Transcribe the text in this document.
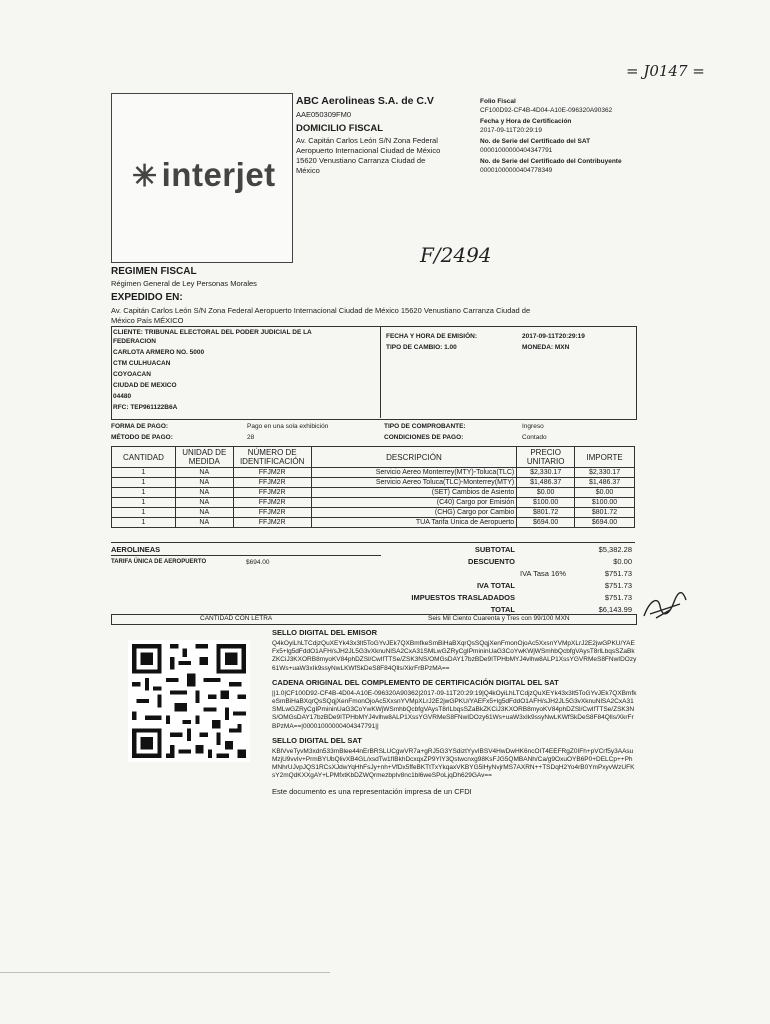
= J0147 =
F/2494
✳ interjet
ABC Aerolineas S.A. de C.V
AAE050309FM0
DOMICILIO FISCAL
Av. Capitán Carlos León S/N Zona Federal
Aeropuerto Internacional Ciudad de México
15620 Venustiano Carranza Ciudad de
México
Folio Fiscal
CF100D92-CF4B-4D04-A10E-096320A90362
Fecha y Hora de Certificación
2017-09-11T20:29:19
No. de Serie del Certificado del SAT
00001000000404347791
No. de Serie del Certificado del Contribuyente
00001000000404778349
REGIMEN FISCAL
Régimen General de Ley Personas Morales
EXPEDIDO EN:
Av. Capitán Carlos León S/N Zona Federal Aeropuerto Internacional Ciudad de México 15620 Venustiano Carranza Ciudad de
México País MÉXICO
CLIENTE: TRIBUNAL ELECTORAL DEL PODER JUDICIAL DE LA
FEDERACION
CARLOTA ARMERO NO. 5000
CTM CULHUACAN
COYOACAN
CIUDAD DE MEXICO
04480
RFC: TEP961122B6A
FECHA Y HORA DE EMISIÓN:	2017-09-11T20:29:19
TIPO DE CAMBIO: 1.00	MONEDA: MXN
FORMA DE PAGO:	Pago en una sola exhibición
MÉTODO DE PAGO:	28
TIPO DE COMPROBANTE:	Ingreso
CONDICIONES DE PAGO:	Contado
CANTIDAD	UNIDAD DE MEDIDA	NÚMERO DE IDENTIFICACIÓN	DESCRIPCIÓN	PRECIO UNITARIO	IMPORTE
1	NA	FFJM2R	Servicio Aereo Monterrey(MTY)-Toluca(TLC)	$2,330.17	$2,330.17
1	NA	FFJM2R	Servicio Aereo Toluca(TLC)-Monterrey(MTY)	$1,486.37	$1,486.37
1	NA	FFJM2R	(SET) Cambios de Asiento	$0.00	$0.00
1	NA	FFJM2R	(C40) Cargo por Emisión	$100.00	$100.00
1	NA	FFJM2R	(CHG) Cargo por Cambio	$801.72	$801.72
1	NA	FFJM2R	TUA Tarifa Única de Aeropuerto	$694.00	$694.00
AEROLINEAS
TARIFA ÚNICA DE AEROPUERTO	$694.00
SUBTOTAL	$5,382.28
DESCUENTO	$0.00
IVA Tasa 16%	$751.73
IVA TOTAL	$751.73
IMPUESTOS TRASLADADOS	$751.73
TOTAL	$6,143.99
CANTIDAD CON LETRA	Seis Mil Ciento Cuarenta y Tres con 99/100 MXN
SELLO DIGITAL DEL EMISOR
Q4kOyiLhLTCdjzQuXEYk43x3lt5ToGYvJEk7QXBmfkeSmBiHaBXqrQsSQqjXenFmonOjoAc5XxsnYVMpXLrJ2E2jwGPKU/YAEFx5+lg5dFddO1AFH/sJH2JL5G3vXknuNlSA2CxA31SMLwGZRyCgIPmininUaG3CoYwKWjWSmhbQcbfgVAysT8rlLbqsSZaBkZKCiJ3KXORB8myoKV84phDZSl/CwIfTTSe/ZSK3NS/OMGsDAY17bzBDe9ITPHbMYJ4vlhw8ALP1XssYGVRMeS8FNwIDOzy61Ws+uaW3xIk9ssyNwLKWfSkDeS8F84Qlls/XkrFrBPzMA==
CADENA ORIGINAL DEL COMPLEMENTO DE CERTIFICACIÓN DIGITAL DEL SAT
||1.0|CF100D92-CF4B-4D04-A10E-096320A90362|2017-09-11T20:29:19|Q4kOyiLhLTCdjzQuXEYk43x3lt5ToGYvJEk7QXBmfkeSmBiHaBXqrQsSQqjXenFmonOjoAc5XxsnYVMpXLrJ2E2jwGPKU/YAEFx5+lg5dFddO1AFH/sJH2JL5G3vXknuNlSA2CxA31SMLwGZRyCgIPmininUaG3CoYwKWjWSmhbQcbfgVAysT8rlLbqsSZaBkZKCiJ3KXORB8myoKV84phDZSl/CwIfTTSe/ZSK3NS/OMGsDAY17bzBDe9ITPHbMYJ4vlhw8ALP1XssYGVRMeS8FNwIDOzy61Ws+uaW3xIk9ssyNwLKWfSkDeS8F84Qlls/XkrFrBPzMA==|00001000000404347791||
SELLO DIGITAL DEL SAT
KBlVveTyvM3xdn533mBlee44nErBRSLUCgwVR7a+gRJ5G3YSdiztYyvIBSV4HwDwHK6ncOIT4EEFRgZ0IFh+pVCrf5y3AAsuMzjU9vvIv+PrmBYUbQlivXB4GL/xsdTw1fIBkhDcxqxZP9YlY3Qstwcnxg98KsFJG5QMBANh/Ca/g9OxuOYB6P0+DELCp++PhMNhrUJvpJQS1RCsXJdwYqHhFsJy+nh+VfDx5ffeBKTtTxYkqaxVKBYG5lHyNvjrMS7AXRN++TSDqH2Yo4rB0YmPxyvWzUFKsY2mQdKXXgAY+LPMfxtKbDZWQrmezbpIv8nc1bl6weSPoLjqDh629GAv==
Este documento es una representación impresa de un CFDI
